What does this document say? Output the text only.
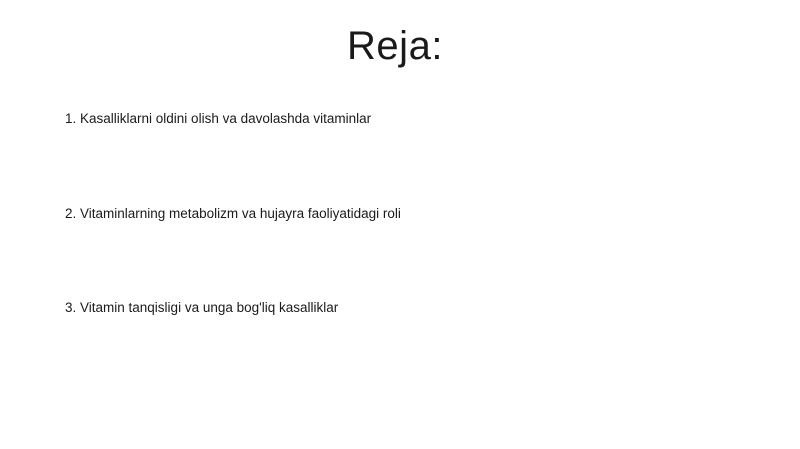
Reja:
1. Kasalliklarni oldini olish va davolashda vitaminlar
2. Vitaminlarning metabolizm va hujayra faoliyatidagi roli
3. Vitamin tanqisligi va unga bog'liq kasalliklar
